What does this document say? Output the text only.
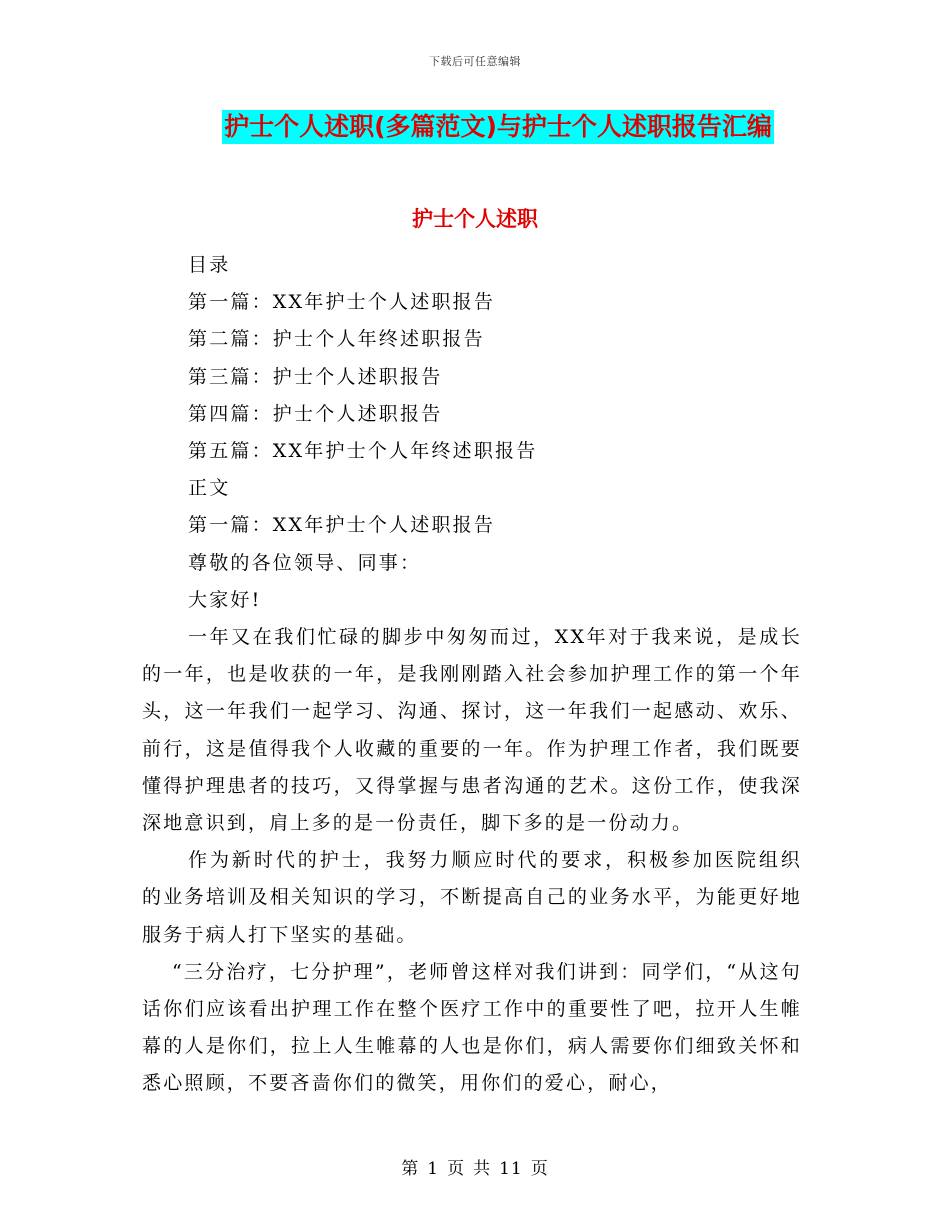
下载后可任意编辑
护士个人述职(多篇范文)与护士个人述职报告汇编
护士个人述职
目录
第一篇：XX年护士个人述职报告
第二篇：护士个人年终述职报告
第三篇：护士个人述职报告
第四篇：护士个人述职报告
第五篇：XX年护士个人年终述职报告
正文
第一篇：XX年护士个人述职报告
尊敬的各位领导、同事：
大家好!

一年又在我们忙碌的脚步中匆匆而过，XX年对于我来说，是成长的一年，也是收获的一年，是我刚刚踏入社会参加护理工作的第一个年头，这一年我们一起学习、沟通、探讨，这一年我们一起感动、欢乐、前行，这是值得我个人收藏的重要的一年。作为护理工作者，我们既要懂得护理患者的技巧，又得掌握与患者沟通的艺术。这份工作，使我深深地意识到，肩上多的是一份责任，脚下多的是一份动力。

作为新时代的护士，我努力顺应时代的要求，积极参加医院组织的业务培训及相关知识的学习，不断提高自己的业务水平，为能更好地服务于病人打下坚实的基础。

“三分治疗，七分护理”，老师曾这样对我们讲到：同学们，“从这句话你们应该看出护理工作在整个医疗工作中的重要性了吧，拉开人生帷幕的人是你们，拉上人生帷幕的人也是你们，病人需要你们细致关怀和悉心照顾，不要吝啬你们的微笑，用你们的爱心，耐心，

第 1 页 共 11 页
